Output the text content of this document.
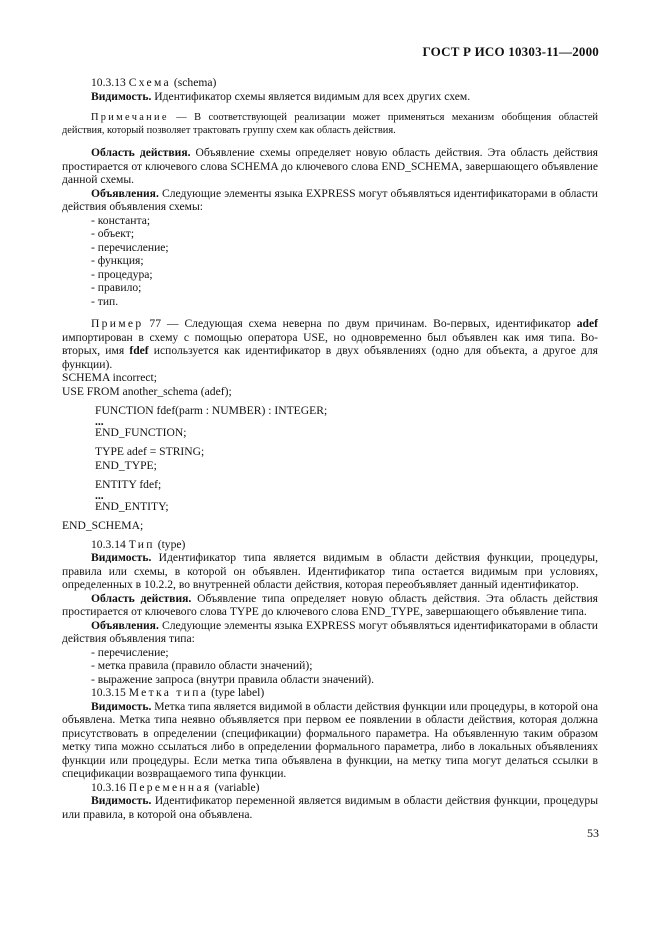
ГОСТ Р ИСО 10303-11—2000

10.3.13 Схема (schema)

Видимость. Идентификатор схемы является видимым для всех других схем.

Примечание — В соответствующей реализации может применяться механизм обобщения областей действия, который позволяет трактовать группу схем как область действия.

Область действия. Объявление схемы определяет новую область действия. Эта область действия простирается от ключевого слова SCHEMA до ключевого слова END_SCHEMA, завершающего объявление данной схемы.

Объявления. Следующие элементы языка EXPRESS могут объявляться идентификаторами в области действия объявления схемы:

- константа;
- объект;
- перечисление;
- функция;
- процедура;
- правило;
- тип.

Пример 77 — Следующая схема неверна по двум причинам. Во-первых, идентификатор adef импортирован в схему с помощью оператора USE, но одновременно был объявлен как имя типа. Во-вторых, имя fdef используется как идентификатор в двух объявлениях (одно для объекта, а другое для функции).

SCHEMA incorrect;
USE FROM another_schema (adef);
FUNCTION fdef(parm : NUMBER) : INTEGER;
...
END_FUNCTION;
TYPE adef = STRING;
END_TYPE;
ENTITY fdef;
...
END_ENTITY;
END_SCHEMA;

10.3.14 Тип (type)

Видимость. Идентификатор типа является видимым в области действия функции, процедуры, правила или схемы, в которой он объявлен. Идентификатор типа остается видимым при условиях, определенных в 10.2.2, во внутренней области действия, которая переобъявляет данный идентификатор.

Область действия. Объявление типа определяет новую область действия. Эта область действия простирается от ключевого слова TYPE до ключевого слова END_TYPE, завершающего объявление типа.

Объявления. Следующие элементы языка EXPRESS могут объявляться идентификаторами в области действия объявления типа:

- перечисление;
- метка правила (правило области значений);
- выражение запроса (внутри правила области значений).

10.3.15 Метка типа (type label)

Видимость. Метка типа является видимой в области действия функции или процедуры, в которой она объявлена. Метка типа неявно объявляется при первом ее появлении в области действия, которая должна присутствовать в определении (спецификации) формального параметра. На объявленную таким образом метку типа можно ссылаться либо в определении формального параметра, либо в локальных объявлениях функции или процедуры. Если метка типа объявлена в функции, на метку типа могут делаться ссылки в спецификации возвращаемого типа функции.

10.3.16 Переменная (variable)

Видимость. Идентификатор переменной является видимым в области действия функции, процедуры или правила, в которой она объявлена.

53
